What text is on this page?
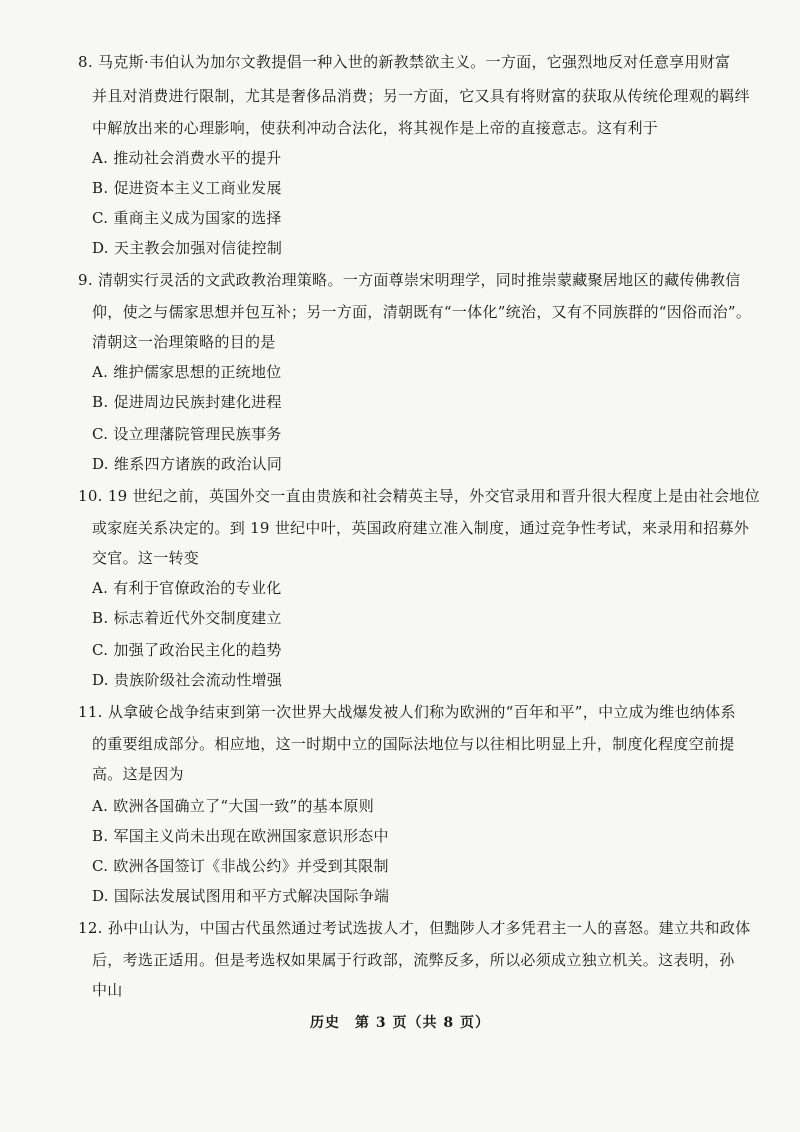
8. 马克斯·韦伯认为加尔文教提倡一种入世的新教禁欲主义。一方面，它强烈地反对任意享用财富
并且对消费进行限制，尤其是奢侈品消费；另一方面，它又具有将财富的获取从传统伦理观的羁绊
中解放出来的心理影响，使获利冲动合法化，将其视作是上帝的直接意志。这有利于
A. 推动社会消费水平的提升
B. 促进资本主义工商业发展
C. 重商主义成为国家的选择
D. 天主教会加强对信徒控制
9. 清朝实行灵活的文武政教治理策略。一方面尊崇宋明理学，同时推崇蒙藏聚居地区的藏传佛教信
仰，使之与儒家思想并包互补；另一方面，清朝既有“一体化”统治，又有不同族群的“因俗而治”。
清朝这一治理策略的目的是
A. 维护儒家思想的正统地位
B. 促进周边民族封建化进程
C. 设立理藩院管理民族事务
D. 维系四方诸族的政治认同
10. 19 世纪之前，英国外交一直由贵族和社会精英主导，外交官录用和晋升很大程度上是由社会地位
或家庭关系决定的。到 19 世纪中叶，英国政府建立准入制度，通过竞争性考试，来录用和招募外
交官。这一转变
A. 有利于官僚政治的专业化
B. 标志着近代外交制度建立
C. 加强了政治民主化的趋势
D. 贵族阶级社会流动性增强
11. 从拿破仑战争结束到第一次世界大战爆发被人们称为欧洲的“百年和平”，中立成为维也纳体系
的重要组成部分。相应地，这一时期中立的国际法地位与以往相比明显上升，制度化程度空前提
高。这是因为
A. 欧洲各国确立了“大国一致”的基本原则
B. 军国主义尚未出现在欧洲国家意识形态中
C. 欧洲各国签订《非战公约》并受到其限制
D. 国际法发展试图用和平方式解决国际争端
12. 孙中山认为，中国古代虽然通过考试选拔人才，但黜陟人才多凭君主一人的喜怒。建立共和政体
后，考选正适用。但是考选权如果属于行政部，流弊反多，所以必须成立独立机关。这表明，孙
中山
历史　第 3 页（共 8 页）
